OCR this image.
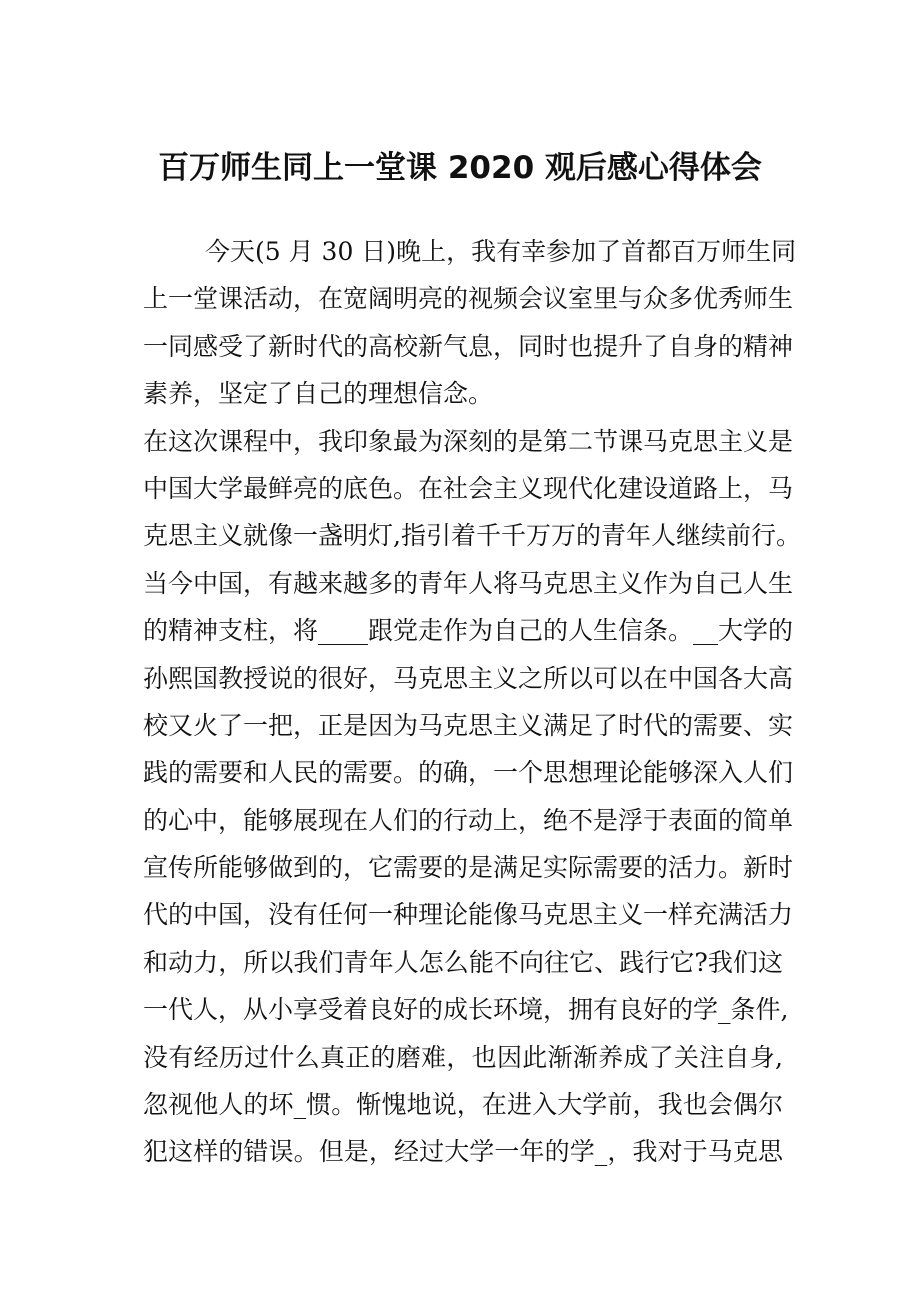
百万师生同上一堂课 2020 观后感心得体会
今天(5 月 30 日)晚上，我有幸参加了首都百万师生同
上一堂课活动，在宽阔明亮的视频会议室里与众多优秀师生
一同感受了新时代的高校新气息，同时也提升了自身的精神
素养，坚定了自己的理想信念。
在这次课程中，我印象最为深刻的是第二节课马克思主义是
中国大学最鲜亮的底色。在社会主义现代化建设道路上，马
克思主义就像一盏明灯,指引着千千万万的青年人继续前行。
当今中国，有越来越多的青年人将马克思主义作为自己人生
的精神支柱，将____跟党走作为自己的人生信条。__大学的
孙熙国教授说的很好，马克思主义之所以可以在中国各大高
校又火了一把，正是因为马克思主义满足了时代的需要、实
践的需要和人民的需要。的确，一个思想理论能够深入人们
的心中，能够展现在人们的行动上，绝不是浮于表面的简单
宣传所能够做到的，它需要的是满足实际需要的活力。新时
代的中国，没有任何一种理论能像马克思主义一样充满活力
和动力，所以我们青年人怎么能不向往它、践行它?我们这
一代人，从小享受着良好的成长环境，拥有良好的学_条件,
没有经历过什么真正的磨难，也因此渐渐养成了关注自身,
忽视他人的坏_惯。惭愧地说，在进入大学前，我也会偶尔
犯这样的错误。但是，经过大学一年的学_，我对于马克思
